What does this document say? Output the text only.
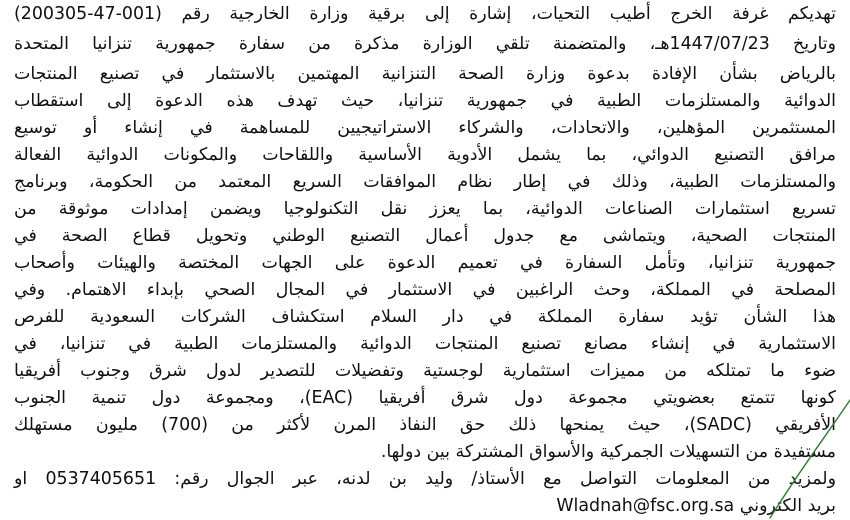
تهديكم غرفة الخرج أطيب التحيات، إشارة إلى برقية وزارة الخارجية رقم (001-47-200305)
وتاريخ 1447/07/23هـ، والمتضمنة تلقي الوزارة مذكرة من سفارة جمهورية تنزانيا المتحدة
بالرياض بشأن الإفادة بدعوة وزارة الصحة التنزانية المهتمين بالاستثمار في تصنيع المنتجات
الدوائية والمستلزمات الطبية في جمهورية تنزانيا، حيث تهدف هذه الدعوة إلى استقطاب
المستثمرين المؤهلين، والاتحادات، والشركاء الاستراتيجيين للمساهمة في إنشاء أو توسيع
مرافق التصنيع الدوائي، بما يشمل الأدوية الأساسية واللقاحات والمكونات الدوائية الفعالة
والمستلزمات الطبية، وذلك في إطار نظام الموافقات السريع المعتمد من الحكومة، وبرنامج
تسريع استثمارات الصناعات الدوائية، بما يعزز نقل التكنولوجيا ويضمن إمدادات موثوقة من
المنتجات الصحية، ويتماشى مع جدول أعمال التصنيع الوطني وتحويل قطاع الصحة في
جمهورية تنزانيا، وتأمل السفارة في تعميم الدعوة على الجهات المختصة والهيئات وأصحاب
المصلحة في المملكة، وحث الراغبين في الاستثمار في المجال الصحي بإبداء الاهتمام. وفي
هذا الشأن تؤيد سفارة المملكة في دار السلام استكشاف الشركات السعودية للفرص
الاستثمارية في إنشاء مصانع تصنيع المنتجات الدوائية والمستلزمات الطبية في تنزانيا، في
ضوء ما تمتلكه من مميزات استثمارية لوجستية وتفضيلات للتصدير لدول شرق وجنوب أفريقيا
كونها تتمتع بعضويتي مجموعة دول شرق أفريقيا (EAC)، ومجموعة دول تنمية الجنوب
الأفريقي (SADC)، حيث يمنحها ذلك حق النفاذ المرن لأكثر من (700) مليون مستهلك
مستفيدة من التسهيلات الجمركية والأسواق المشتركة بين دولها.
ولمزيد من المعلومات التواصل مع الأستاذ/ وليد بن لدنه، عبر الجوال رقم: 0537405651 او
بريد الكتروني Wladnah@fsc.org.sa
